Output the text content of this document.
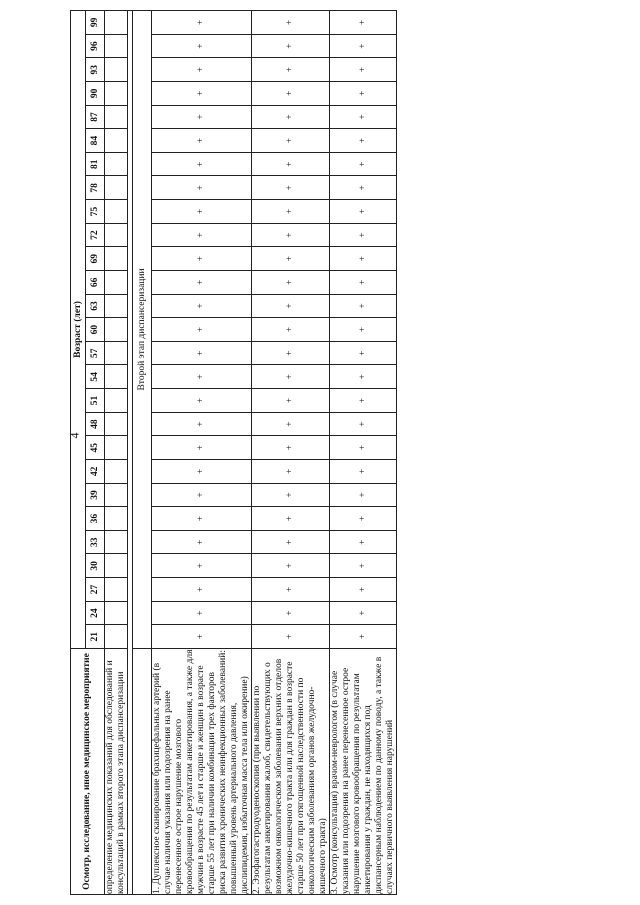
4
Осмотр, исследование, иное медицинское мероприятие	Возраст (лет)																										
	21	24	27	30	33	36	39	42	45	48	51	54	57	60	63	66	69	72	75	78	81	84	87	90	93	96	99
определение медицинских показаний для обследований и консультаций в рамках второго этапа диспансеризации																											

	Второй этап диспансеризации																										
1. Дуплексное сканирование брахицефальных артерий (в случае наличия указания или подозрения на ранее перенесенное острое нарушение мозгового кровообращения по результатам анкетирования, а также для мужчин в возрасте 45 лет и старше и женщин в возрасте старше 55 лет при наличии комбинации трех факторов риска развития хронических неинфекционных заболеваний: повышенный уровень артериального давления, дислипидемия, избыточная масса тела или ожирение)	+	+	+	+	+	+	+	+	+	+	+	+	+	+	+	+	+	+	+	+	+	+	+	+	+	+	+
2. Эзофагогастродуоденоскопия (при выявлении по результатам анкетирования жалоб, свидетельствующих о возможном онкологическом заболевании верхних отделов желудочно-кишечного тракта или для граждан в возрасте старше 50 лет при отягощенной наследственности по онкологическим заболеваниям органов желудочно-кишечного тракта)	+	+	+	+	+	+	+	+	+	+	+	+	+	+	+	+	+	+	+	+	+	+	+	+	+	+	+
3. Осмотр (консультация) врачом-неврологом (в случае указания или подозрения на ранее перенесенное острое нарушение мозгового кровообращения по результатам анкетирования у граждан, не находящихся под диспансерным наблюдением по данному поводу, а также в случаях первичного выявления нарушений	+	+	+	+	+	+	+	+	+	+	+	+	+	+	+	+	+	+	+	+	+	+	+	+	+	+	+
